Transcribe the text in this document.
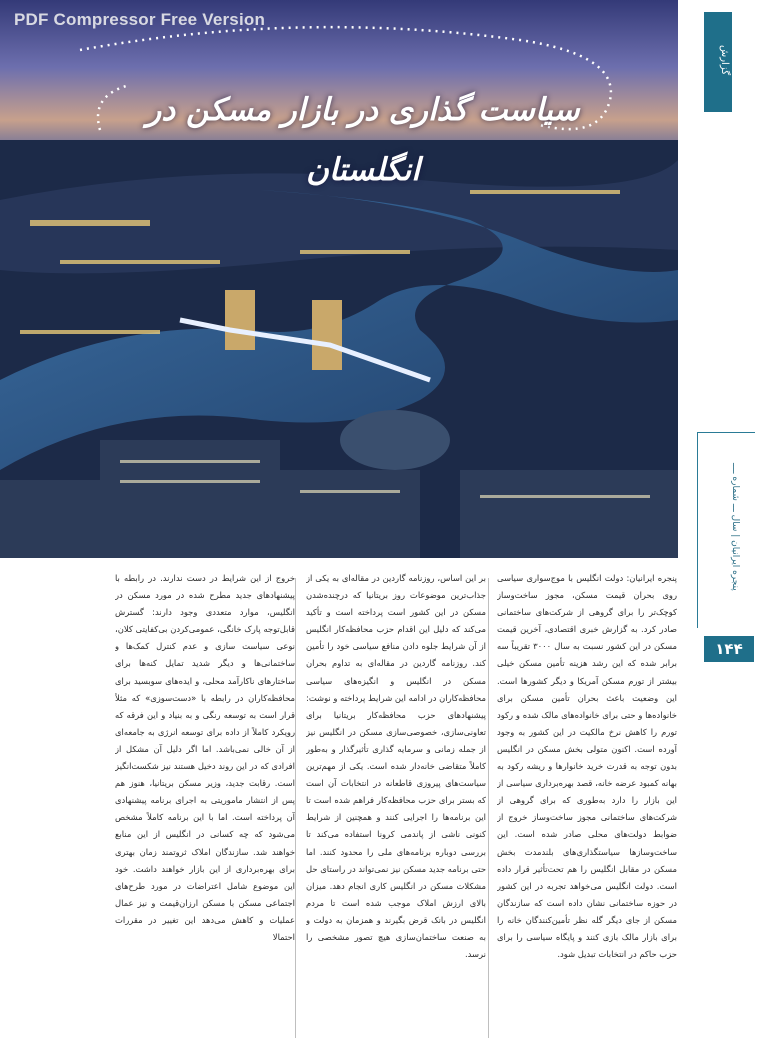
PDF Compressor Free Version
سیاست گذاری در بازار مسکن در انگلستان
گزارش
پنجره ایرانیان | سال ـــ شماره ــــ
۱۴۴

پنجره ایرانیان: دولت انگلیس با موج‌سواری سیاسی روی بحران قیمت مسکن، مجوز ساخت‌وساز کوچک‌تر را برای گروهی از شرکت‌های ساختمانی صادر کرد. به گزارش خبری اقتصادی، آخرین قیمت مسکن در این کشور نسبت به سال ۳۰۰۰ تقریباً سه برابر شده که این رشد هزینه تأمین مسکن خیلی بیشتر از تورم مسکن آمریکا و دیگر کشورها است. این وضعیت باعث بحران تأمین مسکن برای خانواده‌ها و حتی برای خانواده‌های مالک شده و رکود تورم را کاهش نرخ مالکیت در این کشور به وجود آورده است. اکنون متولی بخش مسکن در انگلیس بدون توجه به قدرت خرید خانوارها و ریشه رکود به بهانه کمبود عرضه خانه، قصد بهره‌برداری سیاسی از این بازار را دارد به‌طوری که برای گروهی از شرکت‌های ساختمانی مجوز ساخت‌وساز خروج از ضوابط دولت‌های محلی صادر شده است. این ساخت‌وسازها سیاستگذاری‌های بلندمدت بخش مسکن در مقابل انگلیس را هم تحت‌تأثیر قرار داده است. دولت انگلیس می‌خواهد تجربه در این کشور در حوزه ساختمانی نشان داده است که سازندگان مسکن از جای دیگر گله نظر تأمین‌کنندگان خانه را برای بازار مالک بازی کنند و پایگاه سیاسی را برای حزب حاکم در انتخابات تبدیل شود.

بر این اساس، روزنامه گاردین در مقاله‌ای به یکی از جذاب‌ترین موضوعات روز بریتانیا که درچنده‌شدن مسکن در این کشور است پرداخته است و تأکید می‌کند که دلیل این اقدام حزب محافظه‌کار انگلیس از آن شرایط جلوه دادن منافع سیاسی خود را تأمین کند. روزنامه گاردین در مقاله‌ای به تداوم بحران مسکن در انگلیس و انگیزه‌های سیاسی محافظه‌کاران در ادامه این شرایط پرداخته و نوشت: پیشنهادهای حزب محافظه‌کار بریتانیا برای تعاونی‌سازی، خصوصی‌سازی مسکن در انگلیس نیز از جمله زمانی و سرمایه گذاری تأثیرگذار و به‌طور کاملاً متقاضی خانه‌دار شده است. یکی از مهم‌ترین سیاست‌های پیروزی قاطعانه در انتخابات آن است که بستر برای حزب محافظه‌کار فراهم شده است تا این برنامه‌ها را اجرایی کنند و همچنین از شرایط کنونی ناشی از پاندمی کرونا استفاده می‌کند تا بررسی دوباره برنامه‌های ملی را محدود کنند. اما حتی برنامه جدید مسکن نیز نمی‌تواند در راستای حل مشکلات مسکن در انگلیس کاری انجام دهد. میزان بالای ارزش املاک موجب شده است تا مردم انگلیس در بانک قرض بگیرند و همزمان به دولت و به صنعت ساختمان‌سازی هیچ تصور مشخصی را نرسد.

خروج از این شرایط در دست ندارند. در رابطه با پیشنهادهای جدید مطرح شده در مورد مسکن در انگلیس، موارد متعددی وجود دارند: گسترش قابل‌توجه پارک خانگی، عمومی‌کردن بی‌کفایتی کلان، نوعی سیاست سازی و عدم کنترل کمک‌ها و ساختمانی‌ها و دیگر شدید تمایل کنه‌ها برای ساختارهای ناکارآمد محلی، و ایده‌های سوبسید برای محافظه‌کاران در رابطه با «دست‌سوزی» که مثلاً قرار است به توسعه رنگی و به بنیاد و این فرقه که رویکرد کاملاً از داده برای توسعه انرژی به جامعه‌ای از آن خالی نمی‌باشد. اما اگر دلیل آن مشکل از افرادی که در این روند دخیل هستند نیز شکست‌انگیز است. رقابت جدید، وزیر مسکن بریتانیا، هنوز هم پس از انتشار ماموریتی به اجرای برنامه پیشنهادی آن پرداخته است. اما با این برنامه کاملاً مشخص می‌شود که چه کسانی در انگلیس از این منابع خواهند شد. سازندگان املاک ثروتمند زمان بهتری برای بهره‌برداری از این بازار خواهند داشت. خود این موضوع شامل اعتراضات در مورد طرح‌های اجتماعی مسکن با مسکن ارزان‌قیمت و نیز عمال عملیات و کاهش می‌دهد این تغییر در مقررات احتمالا
